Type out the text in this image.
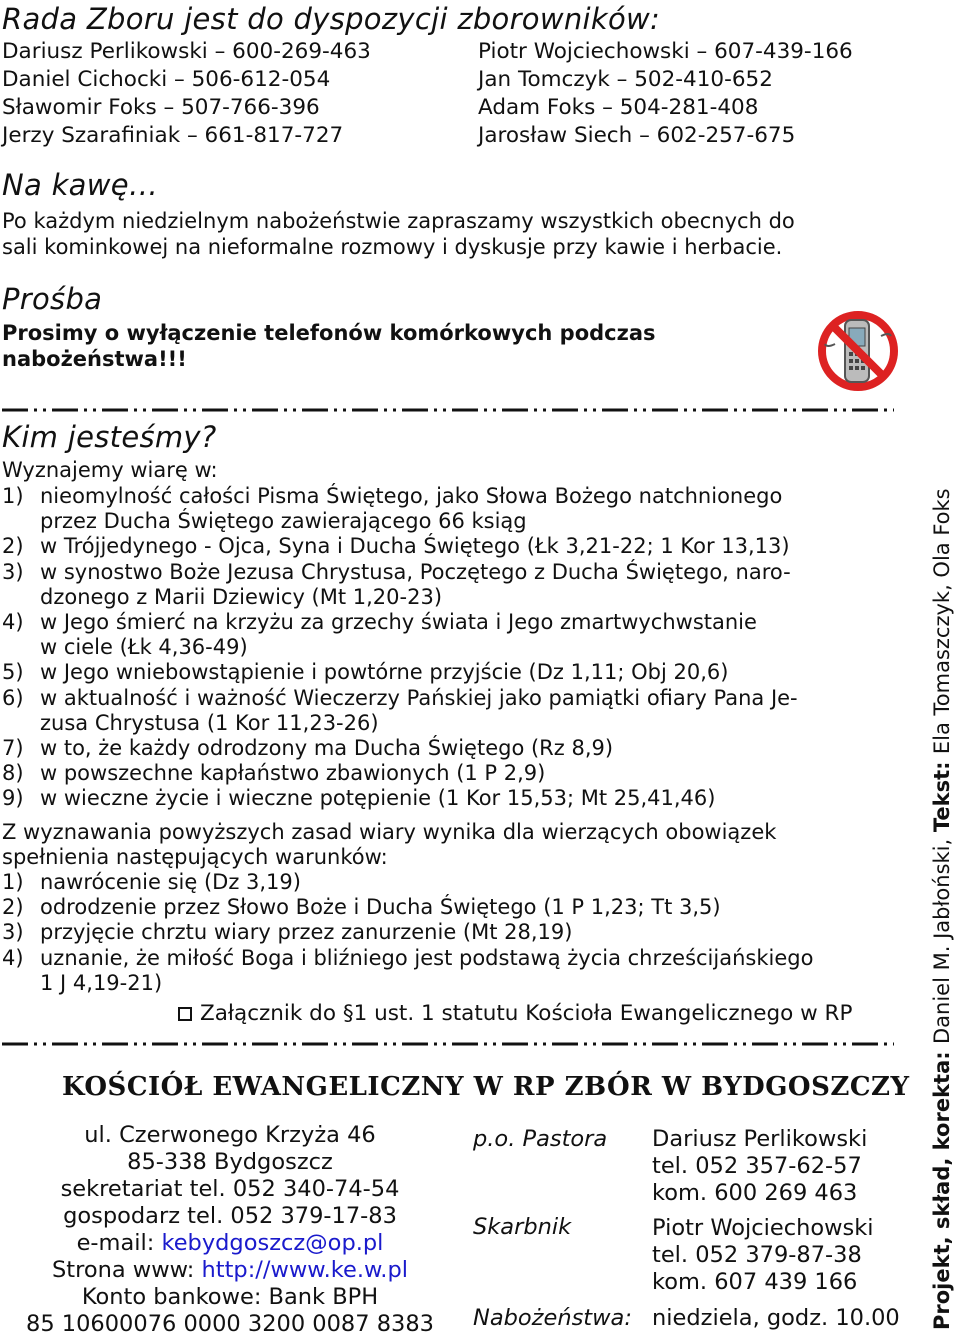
Rada Zboru jest do dyspozycji zborowników:
Dariusz Perlikowski – 600-269-463
Daniel Cichocki – 506-612-054
Sławomir Foks – 507-766-396
Jerzy Szarafiniak – 661-817-727
Piotr Wojciechowski – 607-439-166
Jan Tomczyk – 502-410-652
Adam Foks – 504-281-408
Jarosław Siech – 602-257-675
Na kawę…
Po każdym niedzielnym nabożeństwie zapraszamy wszystkich obecnych do
sali kominkowej na nieformalne rozmowy i dyskusje przy kawie i herbacie.
Prośba
Prosimy o wyłączenie telefonów komórkowych podczas
nabożeństwa!!!
Kim jesteśmy?
Wyznajemy wiarę w:
1) nieomylność całości Pisma Świętego, jako Słowa Bożego natchnionego
przez Ducha Świętego zawierającego 66 ksiąg
2) w Trójjedynego - Ojca, Syna i Ducha Świętego (Łk 3,21-22; 1 Kor 13,13)
3) w synostwo Boże Jezusa Chrystusa, Poczętego z Ducha Świętego, naro-
dzonego z Marii Dziewicy (Mt 1,20-23)
4) w Jego śmierć na krzyżu za grzechy świata i Jego zmartwychwstanie
w ciele (Łk 4,36-49)
5) w Jego wniebowstąpienie i powtórne przyjście (Dz 1,11; Obj 20,6)
6) w aktualność i ważność Wieczerzy Pańskiej jako pamiątki ofiary Pana Je-
zusa Chrystusa (1 Kor 11,23-26)
7) w to, że każdy odrodzony ma Ducha Świętego (Rz 8,9)
8) w powszechne kapłaństwo zbawionych (1 P 2,9)
9) w wieczne życie i wieczne potępienie (1 Kor 15,53; Mt 25,41,46)
Z wyznawania powyższych zasad wiary wynika dla wierzących obowiązek
spełnienia następujących warunków:
1) nawrócenie się (Dz 3,19)
2) odrodzenie przez Słowo Boże i Ducha Świętego (1 P 1,23; Tt 3,5)
3) przyjęcie chrztu wiary przez zanurzenie (Mt 28,19)
4) uznanie, że miłość Boga i bliźniego jest podstawą życia chrześcijańskiego
1 J 4,19-21)
Załącznik do §1 ust. 1 statutu Kościoła Ewangelicznego w RP
KOŚCIÓŁ EWANGELICZNY W RP ZBÓR W BYDGOSZCZY
ul. Czerwonego Krzyża 46
85-338 Bydgoszcz
sekretariat tel. 052 340-74-54
gospodarz tel. 052 379-17-83
e-mail: kebydgoszcz@op.pl
Strona www: http://www.ke.w.pl
Konto bankowe: Bank BPH
85 10600076 0000 3200 0087 8383
p.o. Pastora Dariusz Perlikowski
tel. 052 357-62-57
kom. 600 269 463
Skarbnik	Piotr Wojciechowski
tel. 052 379-87-38
kom. 607 439 166
Nabożeństwa: niedziela, godz. 10.00 Projekt, skład, korekta: Daniel M. Jabłoński, Tekst: Ela Tomaszczyk, Ola Foks
